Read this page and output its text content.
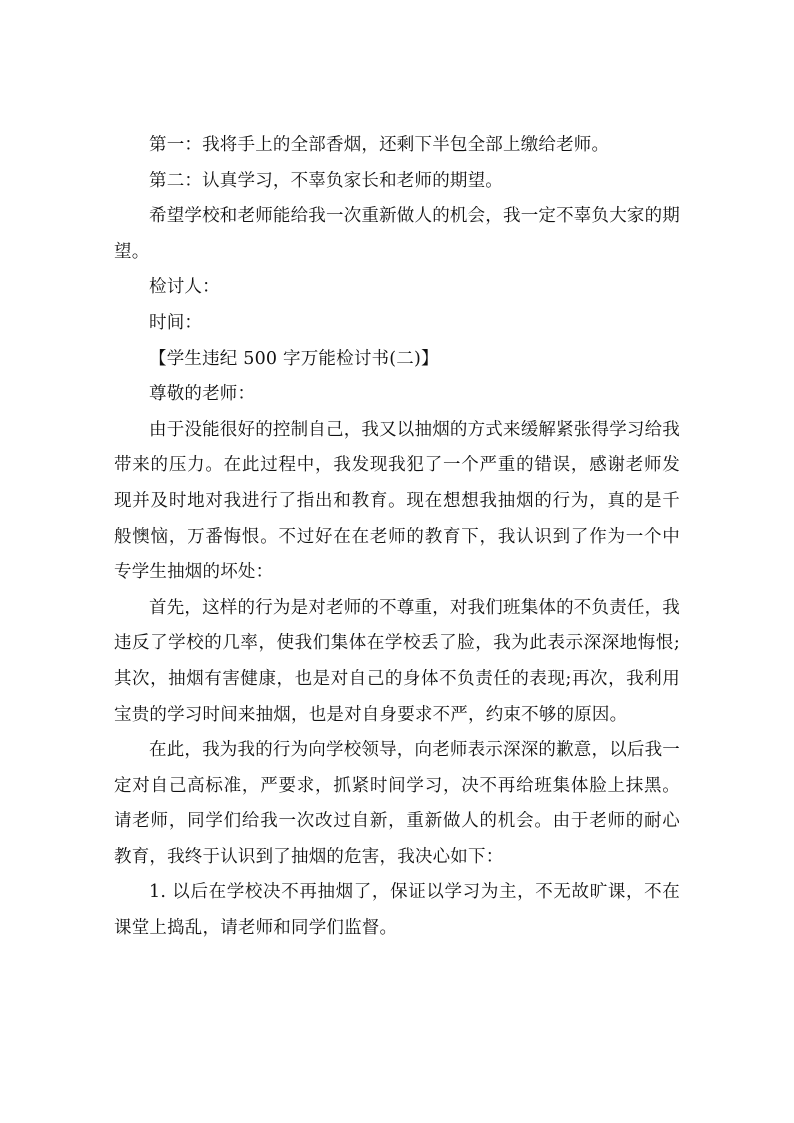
第一：我将手上的全部香烟，还剩下半包全部上缴给老师。

第二：认真学习，不辜负家长和老师的期望。

希望学校和老师能给我一次重新做人的机会，我一定不辜负大家的期望。

检讨人：

时间：

【学生违纪 500 字万能检讨书(二)】

尊敬的老师：

由于没能很好的控制自己，我又以抽烟的方式来缓解紧张得学习给我带来的压力。在此过程中，我发现我犯了一个严重的错误，感谢老师发现并及时地对我进行了指出和教育。现在想想我抽烟的行为，真的是千般懊恼，万番悔恨。不过好在在老师的教育下，我认识到了作为一个中专学生抽烟的坏处：

首先，这样的行为是对老师的不尊重，对我们班集体的不负责任，我违反了学校的几率，使我们集体在学校丢了脸，我为此表示深深地悔恨;其次，抽烟有害健康，也是对自己的身体不负责任的表现;再次，我利用宝贵的学习时间来抽烟，也是对自身要求不严，约束不够的原因。

在此，我为我的行为向学校领导，向老师表示深深的歉意，以后我一定对自己高标准，严要求，抓紧时间学习，决不再给班集体脸上抹黑。请老师，同学们给我一次改过自新，重新做人的机会。由于老师的耐心教育，我终于认识到了抽烟的危害，我决心如下：

1. 以后在学校决不再抽烟了，保证以学习为主，不无故旷课，不在课堂上捣乱，请老师和同学们监督。
